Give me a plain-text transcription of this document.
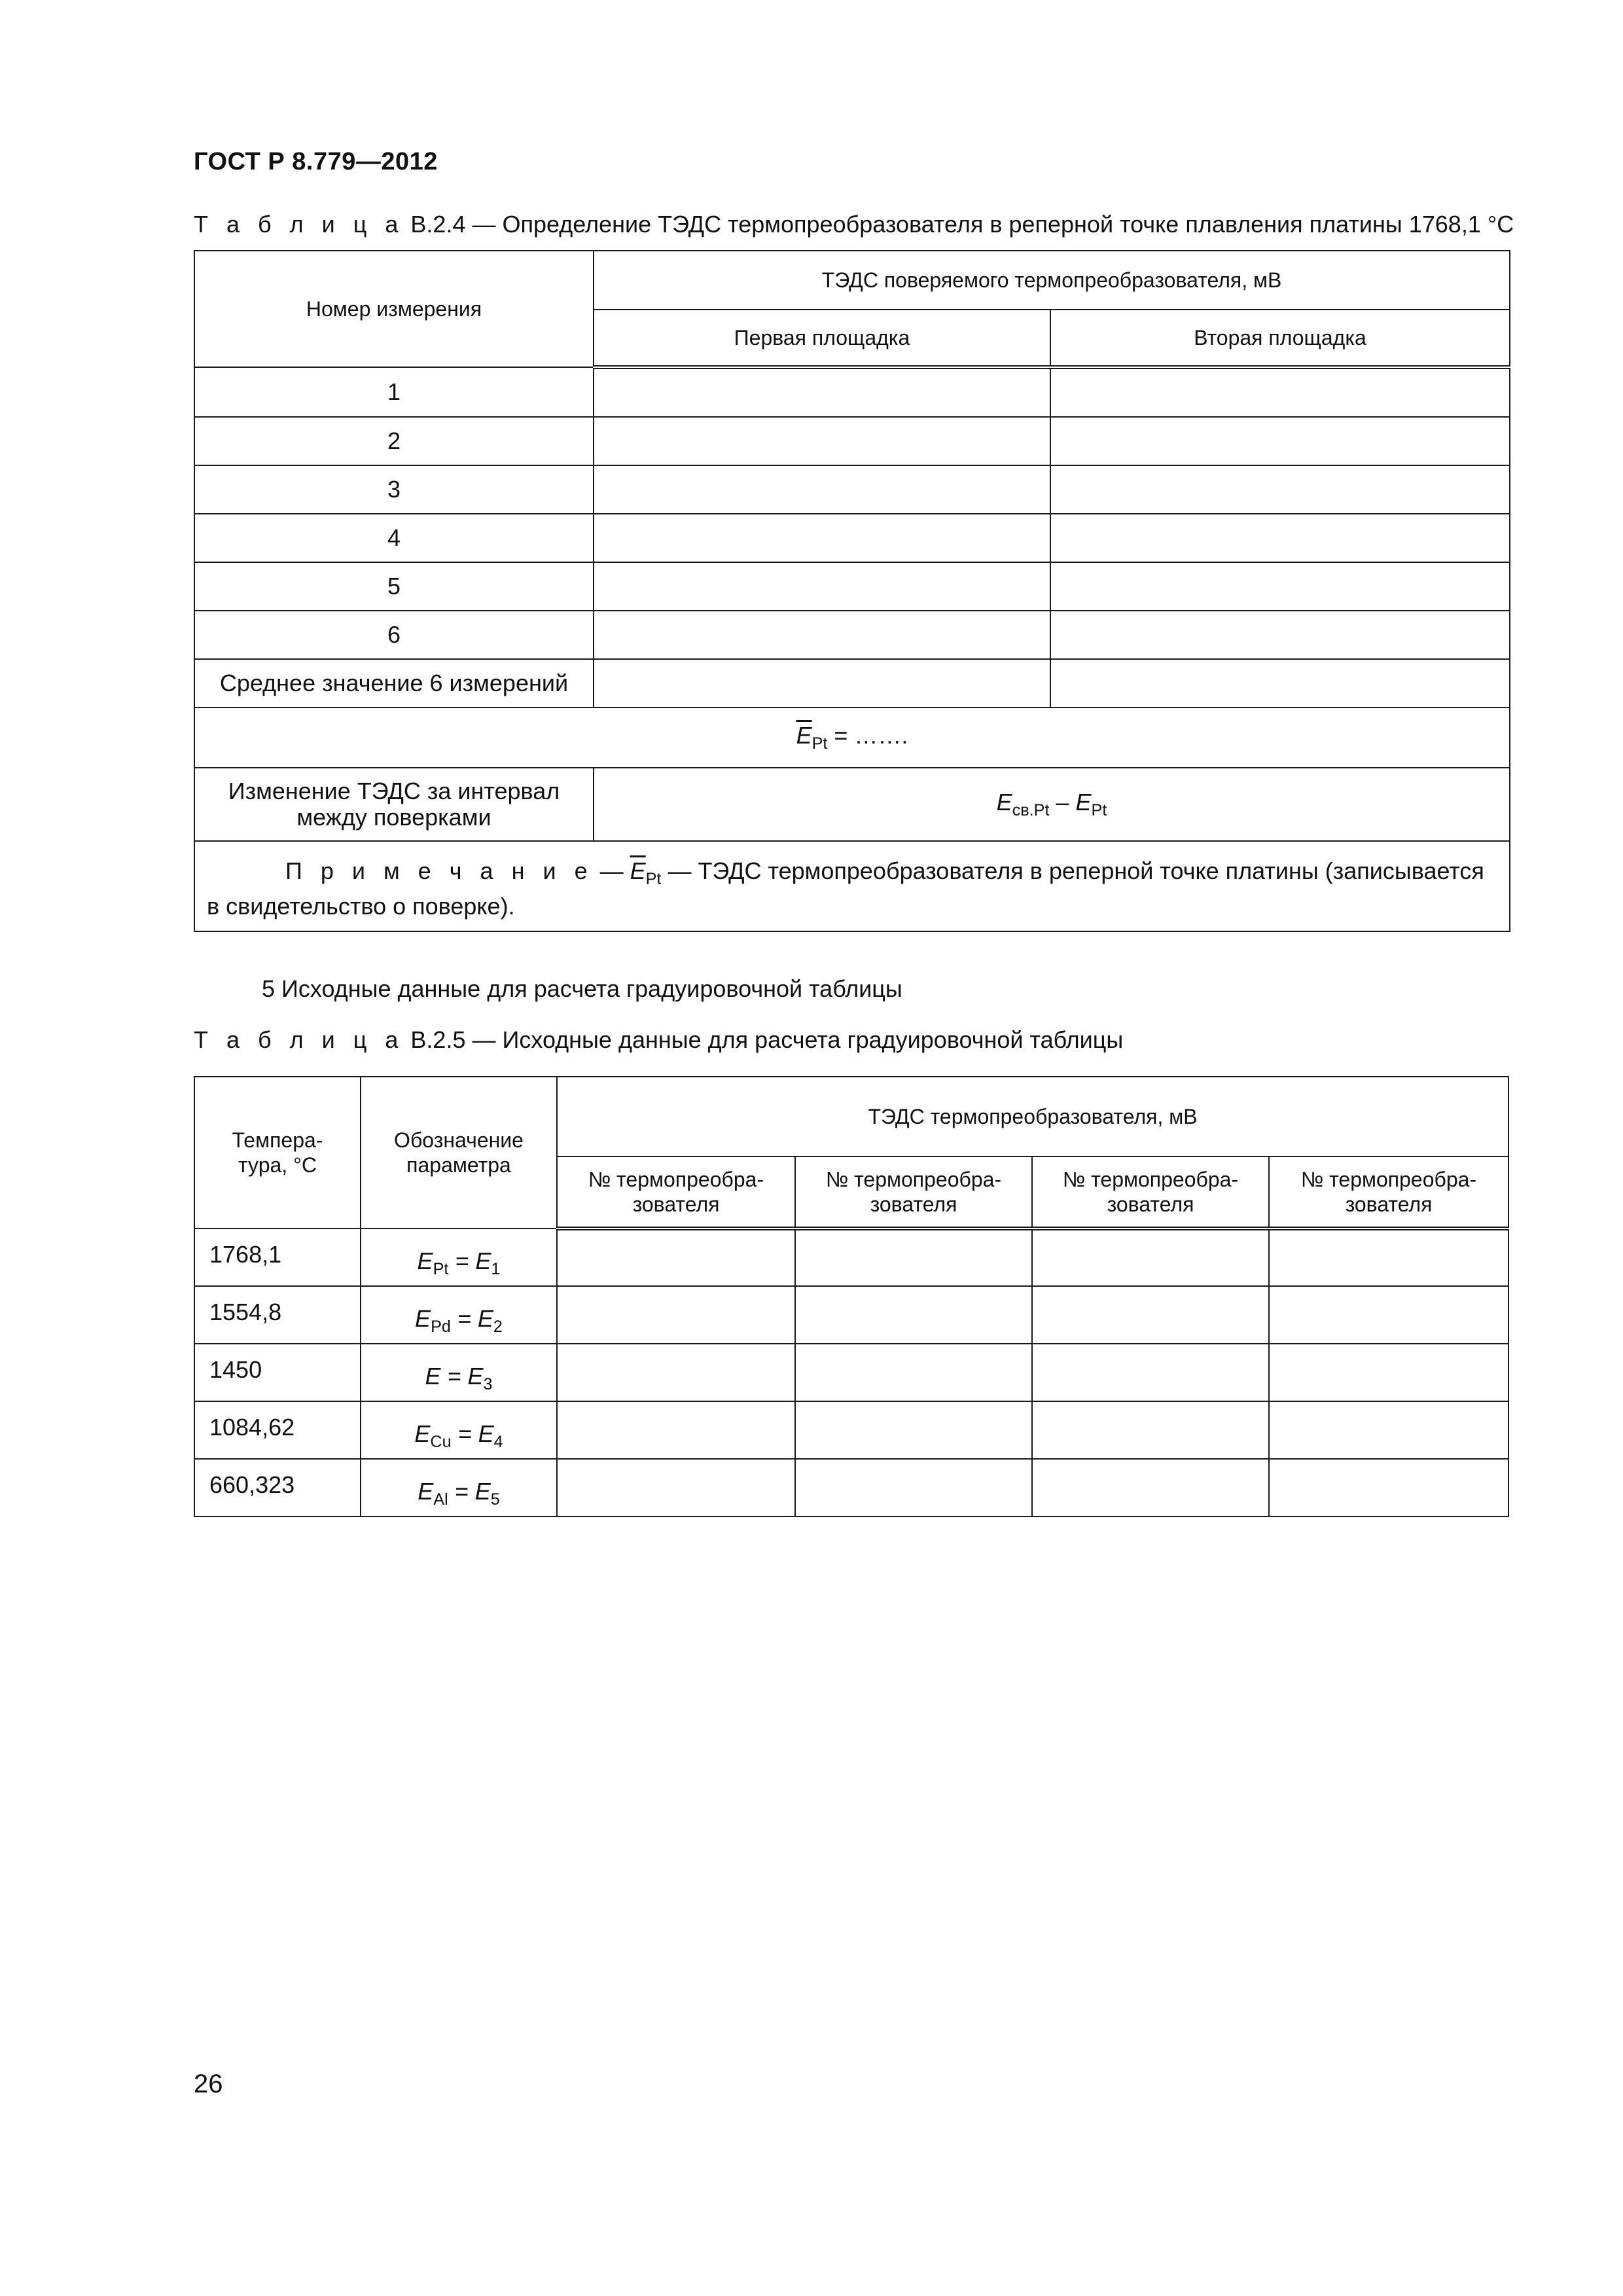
ГОСТ Р 8.779—2012
Т а б л и ц а В.2.4 — Определение ТЭДС термопреобразователя в реперной точке плавления платины 1768,1 °С
Номер измерения	ТЭДС поверяемого термопреобразователя, мВ	
	Первая площадка	Вторая площадка
1		
2		
3		
4		
5		
6		
Среднее значение 6 измерений		
$\overline{E}_{Pt}$ = …….		
Изменение ТЭДС за интервал между поверками	$E_{св.Pt} - E_{Pt}$
П р и м е ч а н и е — $\overline{E}_{Pt}$ — ТЭДС термопреобразователя в реперной точке платины (записывается в свидетельство о поверке).		
5 Исходные данные для расчета градуировочной таблицы
Т а б л и ц а В.2.5 — Исходные данные для расчета градуировочной таблицы
Темпера-тура, °С	Обозначение параметра	ТЭДС термопреобразователя, мВ			
		№ термопреобра-зователя	№ термопреобра-зователя	№ термопреобра-зователя	№ термопреобра-зователя
1768,1	$E_{Pt} = E_1$				
1554,8	$E_{Pd} = E_2$				
1450	$E = E_3$				
1084,62	$E_{Cu} = E_4$				
660,323	$E_{Al} = E_5$				
26
